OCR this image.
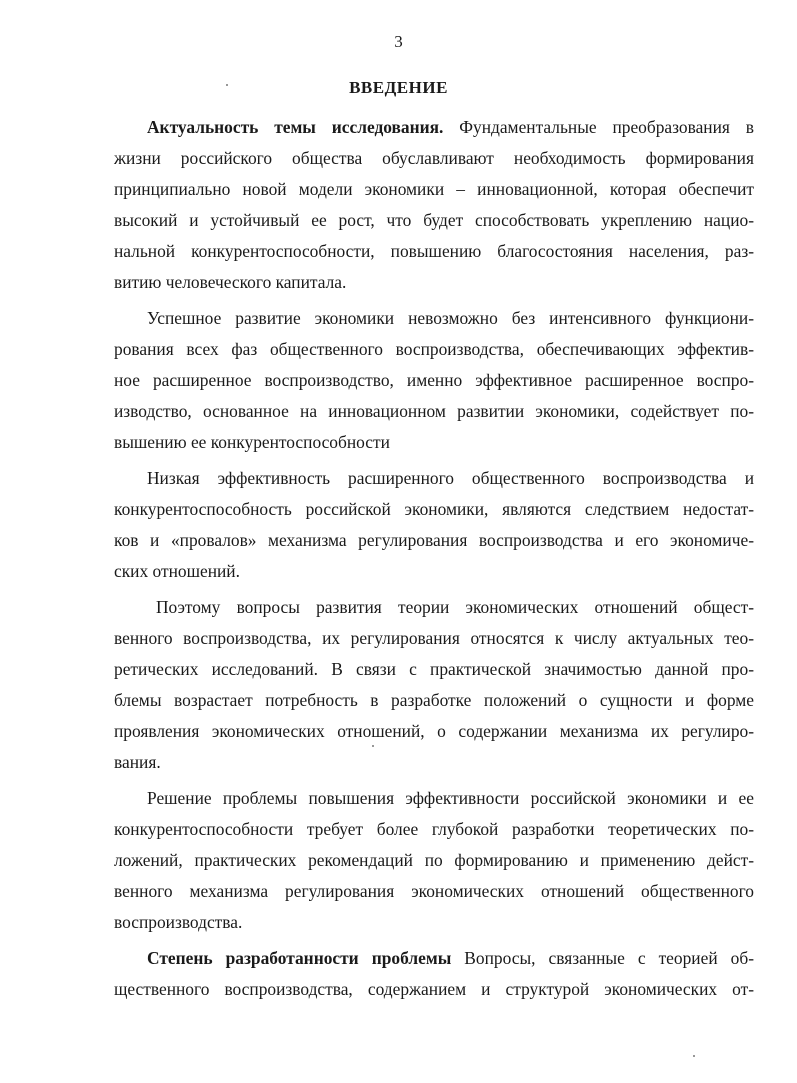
3
ВВЕДЕНИЕ
Актуальность темы исследования. Фундаментальные преобразования в
жизни российского общества обуславливают необходимость формирования
принципиально новой модели экономики – инновационной, которая обеспечит
высокий и устойчивый ее рост, что будет способствовать укреплению нацио-
нальной конкурентоспособности, повышению благосостояния населения, раз-
витию человеческого капитала.
Успешное развитие экономики невозможно без интенсивного функциони-
рования всех фаз общественного воспроизводства, обеспечивающих эффектив-
ное расширенное воспроизводство, именно эффективное расширенное воспро-
изводство, основанное на инновационном развитии экономики, содействует по-
вышению ее конкурентоспособности
Низкая эффективность расширенного общественного воспроизводства и
конкурентоспособность российской экономики, являются следствием недостат-
ков и «провалов» механизма регулирования воспроизводства и его экономиче-
ских отношений.
Поэтому вопросы развития теории экономических отношений общест-
венного воспроизводства, их регулирования относятся к числу актуальных тео-
ретических исследований. В связи с практической значимостью данной про-
блемы возрастает потребность в разработке положений о сущности и форме
проявления экономических отношений, о содержании механизма их регулиро-
вания.
Решение проблемы повышения эффективности российской экономики и ее
конкурентоспособности требует более глубокой разработки теоретических по-
ложений, практических рекомендаций по формированию и применению дейст-
венного механизма регулирования экономических отношений общественного
воспроизводства.
Степень разработанности проблемы Вопросы, связанные с теорией об-
щественного воспроизводства, содержанием и структурой экономических от-
